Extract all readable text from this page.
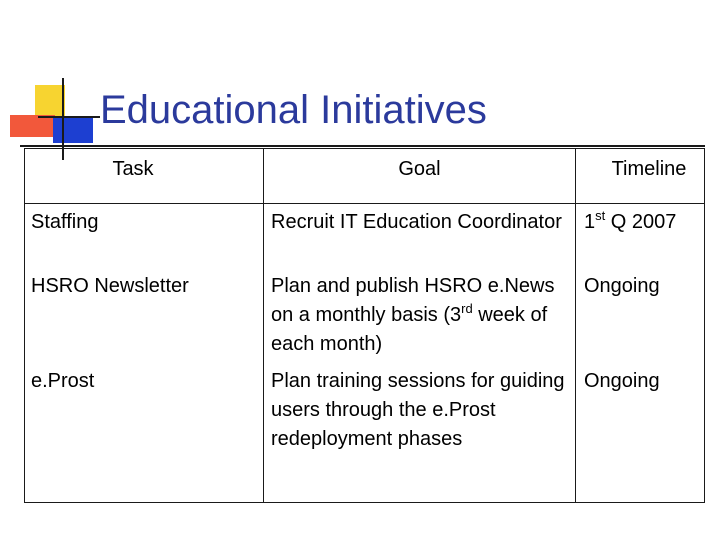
Educational Initiatives
Task	Goal	Timeline
Staffing	Recruit IT Education Coordinator	1st Q 2007
HSRO Newsletter	Plan and publish HSRO e.News on a monthly basis (3rd week of each month)	Ongoing
e.Prost	Plan training sessions for guiding users through the e.Prost redeployment phases	Ongoing
